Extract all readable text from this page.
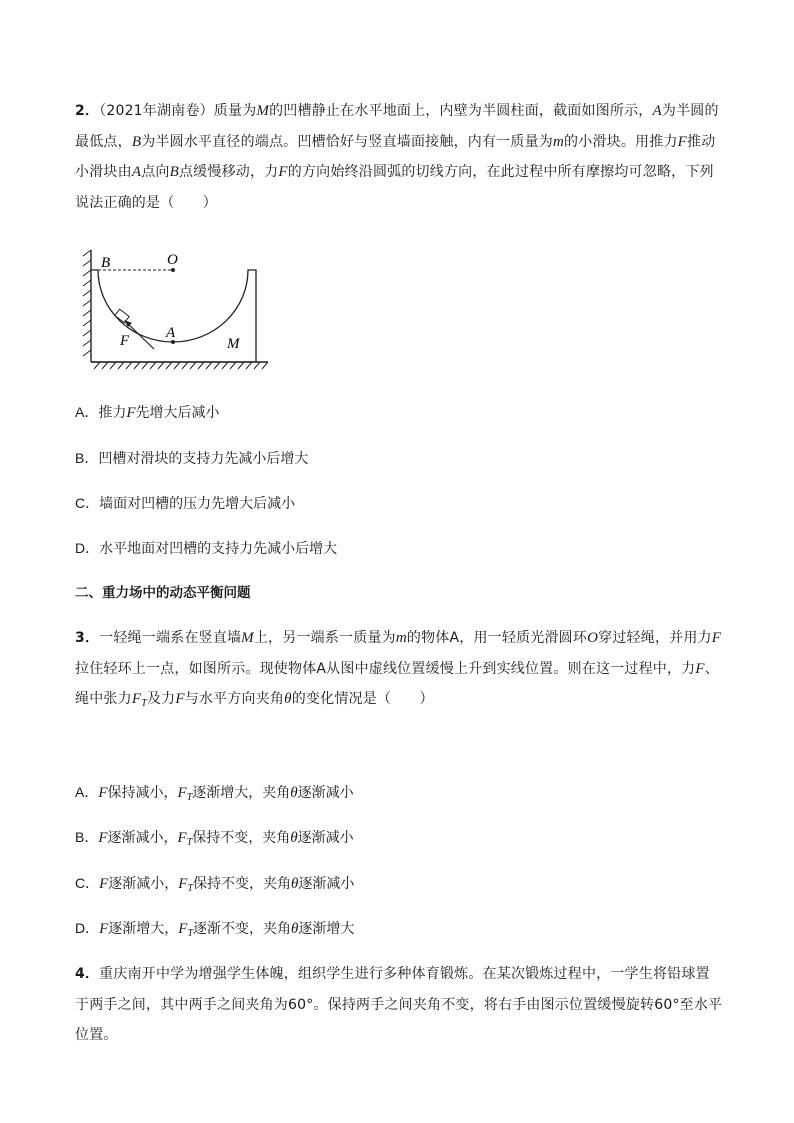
2．（2021年湖南卷）质量为M的凹槽静止在水平地面上，内壁为半圆柱面，截面如图所示，A为半圆的最低点，B为半圆水平直径的端点。凹槽恰好与竖直墙面接触，内有一质量为m的小滑块。用推力F推动小滑块由A点向B点缓慢移动，力F的方向始终沿圆弧的切线方向，在此过程中所有摩擦均可忽略，下列说法正确的是（　　）

B	O
A
F	M

A．推力F先增大后减小

B．凹槽对滑块的支持力先减小后增大

C．墙面对凹槽的压力先增大后减小

D．水平地面对凹槽的支持力先减小后增大

二、重力场中的动态平衡问题

3．一轻绳一端系在竖直墙M上，另一端系一质量为m的物体A，用一轻质光滑圆环O穿过轻绳，并用力F拉住轻环上一点，如图所示。现使物体A从图中虚线位置缓慢上升到实线位置。则在这一过程中，力F、绳中张力$F_T$及力F与水平方向夹角θ的变化情况是（　　）

A．F保持减小，$F_T$逐渐增大，夹角θ逐渐减小

B．F逐渐减小，$F_T$保持不变，夹角θ逐渐减小

C．F逐渐减小，$F_T$保持不变，夹角θ逐渐减小

D．F逐渐增大，$F_T$逐渐不变，夹角θ逐渐增大

4．重庆南开中学为增强学生体魄，组织学生进行多种体育锻炼。在某次锻炼过程中，一学生将铅球置于两手之间，其中两手之间夹角为60°。保持两手之间夹角不变，将右手由图示位置缓慢旋转60°至水平位置。
